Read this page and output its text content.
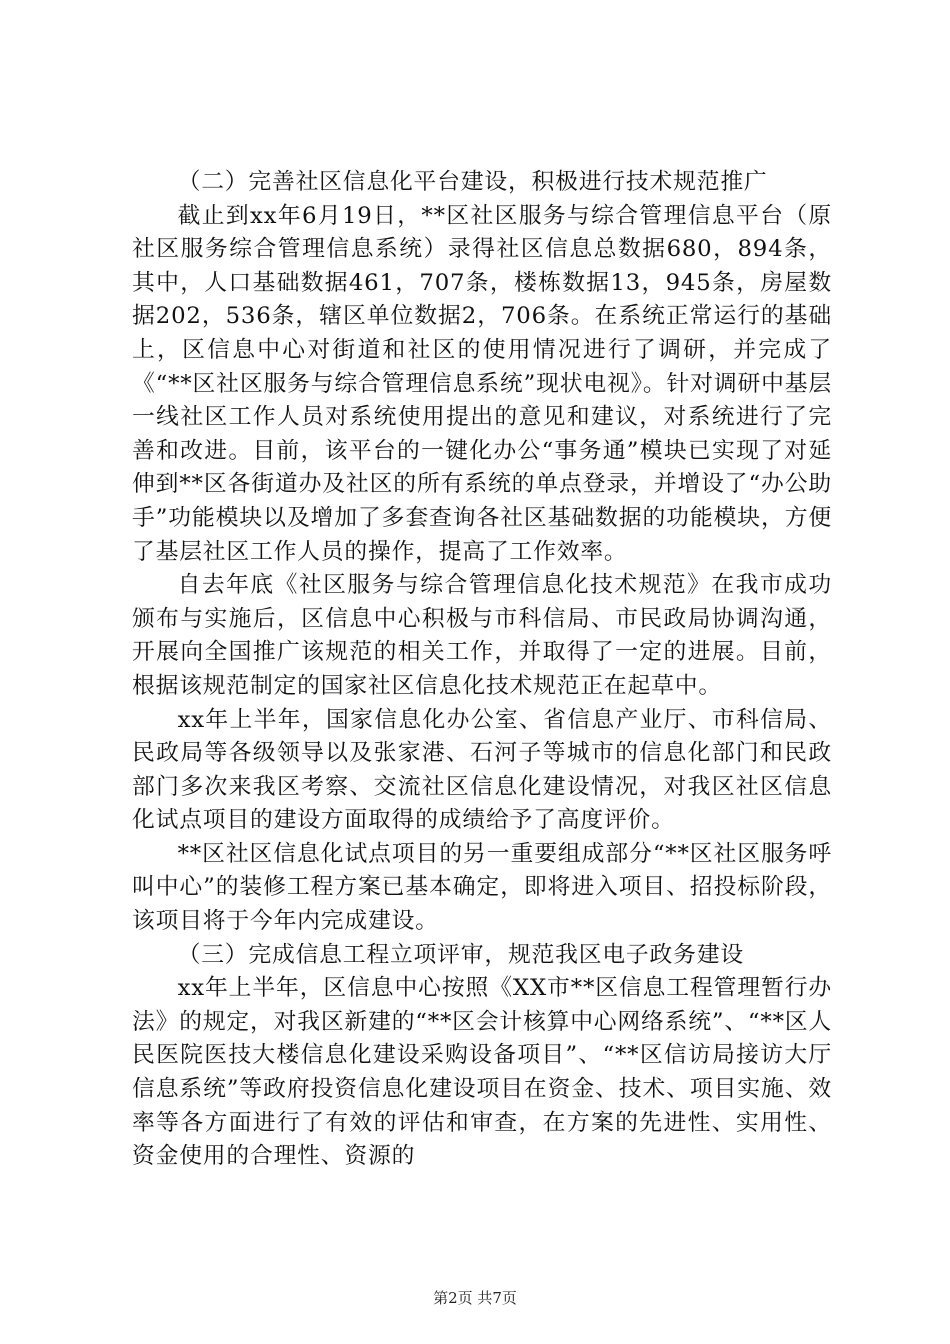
（二）完善社区信息化平台建设，积极进行技术规范推广

截止到xx年6月19日，**区社区服务与综合管理信息平台（原社区服务综合管理信息系统）录得社区信息总数据680，894条，其中，人口基础数据461，707条，楼栋数据13，945条，房屋数据202，536条，辖区单位数据2，706条。在系统正常运行的基础上，区信息中心对街道和社区的使用情况进行了调研，并完成了《“**区社区服务与综合管理信息系统”现状电视》。针对调研中基层一线社区工作人员对系统使用提出的意见和建议，对系统进行了完善和改进。目前，该平台的一键化办公“事务通”模块已实现了对延伸到**区各街道办及社区的所有系统的单点登录，并增设了“办公助手”功能模块以及增加了多套查询各社区基础数据的功能模块，方便了基层社区工作人员的操作，提高了工作效率。

自去年底《社区服务与综合管理信息化技术规范》在我市成功颁布与实施后，区信息中心积极与市科信局、市民政局协调沟通，开展向全国推广该规范的相关工作，并取得了一定的进展。目前，根据该规范制定的国家社区信息化技术规范正在起草中。

xx年上半年，国家信息化办公室、省信息产业厅、市科信局、民政局等各级领导以及张家港、石河子等城市的信息化部门和民政部门多次来我区考察、交流社区信息化建设情况，对我区社区信息化试点项目的建设方面取得的成绩给予了高度评价。

**区社区信息化试点项目的另一重要组成部分“**区社区服务呼叫中心”的装修工程方案已基本确定，即将进入项目、招投标阶段，该项目将于今年内完成建设。

（三）完成信息工程立项评审，规范我区电子政务建设

xx年上半年，区信息中心按照《XX市**区信息工程管理暂行办法》的规定，对我区新建的“**区会计核算中心网络系统”、“**区人民医院医技大楼信息化建设采购设备项目”、“**区信访局接访大厅信息系统”等政府投资信息化建设项目在资金、技术、项目实施、效率等各方面进行了有效的评估和审查，在方案的先进性、实用性、资金使用的合理性、资源的

第2页 共7页
